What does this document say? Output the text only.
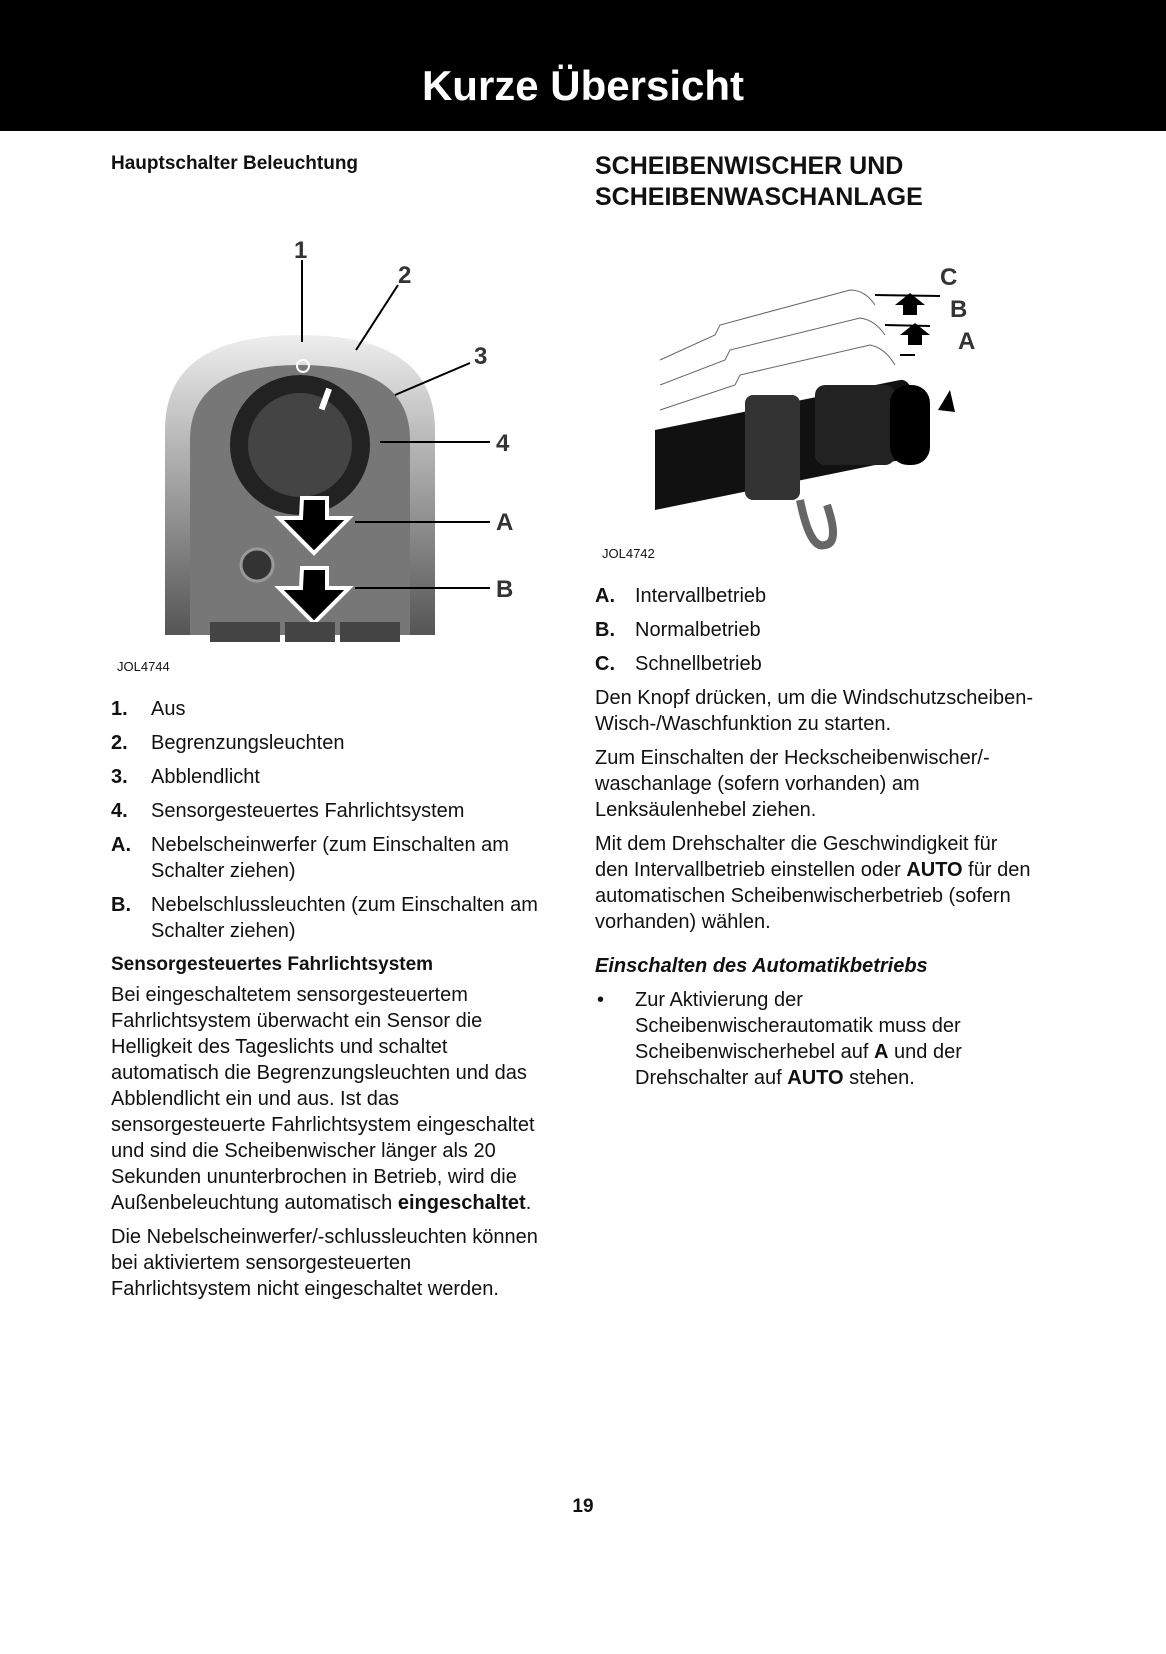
Kurze Übersicht
Hauptschalter Beleuchtung
1
2
3
4
A
B
JOL4744
1.	Aus
2.	Begrenzungsleuchten
3.	Abblendlicht
4.	Sensorgesteuertes Fahrlichtsystem
A.	Nebelscheinwerfer (zum Einschalten am Schalter ziehen)
B.	Nebelschlussleuchten (zum Einschalten am Schalter ziehen)
Sensorgesteuertes Fahrlichtsystem

Bei eingeschaltetem sensorgesteuertem Fahrlichtsystem überwacht ein Sensor die Helligkeit des Tageslichts und schaltet automatisch die Begrenzungsleuchten und das Abblendlicht ein und aus. Ist das sensorgesteuerte Fahrlichtsystem eingeschaltet und sind die Scheibenwischer länger als 20 Sekunden ununterbrochen in Betrieb, wird die Außenbeleuchtung automatisch eingeschaltet.

Die Nebelscheinwerfer/-schlussleuchten können bei aktiviertem sensorgesteuerten Fahrlichtsystem nicht eingeschaltet werden.

SCHEIBENWISCHER UND SCHEIBENWASCHANLAGE
C
B
A
JOL4742
A.	Intervallbetrieb
B.	Normalbetrieb
C.	Schnellbetrieb

Den Knopf drücken, um die Windschutzscheiben-Wisch-/Waschfunktion zu starten.

Zum Einschalten der Heckscheibenwischer/-waschanlage (sofern vorhanden) am Lenksäulenhebel ziehen.

Mit dem Drehschalter die Geschwindigkeit für den Intervallbetrieb einstellen oder AUTO für den automatischen Scheibenwischerbetrieb (sofern vorhanden) wählen.

Einschalten des Automatikbetriebs
•	Zur Aktivierung der Scheibenwischerautomatik muss der Scheibenwischerhebel auf A und der Drehschalter auf AUTO stehen.
19
